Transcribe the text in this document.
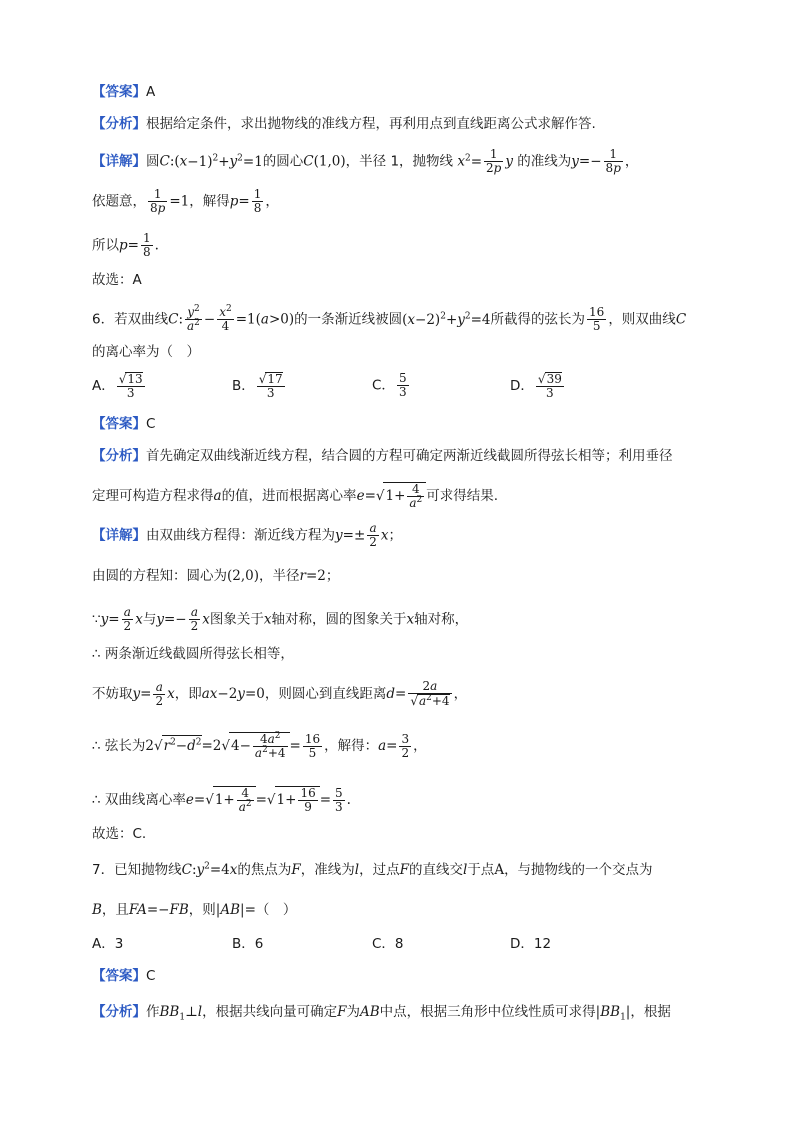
【答案】A
【分析】根据给定条件，求出抛物线的准线方程，再利用点到直线距离公式求解作答.
【详解】圆$C:(x-1)^2+y^2=1$的圆心C(1,0)，半径 1，抛物线 $x^2= \frac{1}{2p}$ y 的准线为$y=- \frac{1}{8p}$ ，
依题意， $\frac{1}{8p} =1$，解得$p= \frac{1}{8}$ ，
所以$p= \frac{1}{8}$ .
故选：A
6．若双曲线C: $\frac{y^2}{a^2} - \frac{x^2}{4} =1(a>0)$的一条渐近线被圆$(x-2)^2+y^2=4$所截得的弦长为 $\frac{16}{5}$ ，则双曲线C
的离心率为（　）
A． $\frac{√13}{3}$	B． $\frac{√17}{3}$	C． $\frac{5}{3}$	D． $\frac{√39}{3}$
【答案】C
【分析】首先确定双曲线渐近线方程，结合圆的方程可确定两渐近线截圆所得弦长相等；利用垂径
定理可构造方程求得a的值，进而根据离心率$e=√1+ \frac{4}{a^2}$ 可求得结果.
【详解】由双曲线方程得：渐近线方程为$y=\pm \frac{a}{2}$ x；
由圆的方程知：圆心为(2,0)，半径r=2；
∵y= $\frac{a}{2}$ x与$y=- \frac{a}{2}$ x图象关于x轴对称，圆的图象关于x轴对称，
∴ 两条渐近线截圆所得弦长相等，
不妨取$y= \frac{a}{2}$ x，即ax−2y=0，则圆心到直线距离$d= \frac{2a}{√a^2+4}$ ，
∴ 弦长为$2√r^2-d^2=2√4- \frac{4a^2}{a^2+4} = \frac{16}{5}$ ，解得：$a= \frac{3}{2}$ ，
∴ 双曲线离心率$e=√1+ \frac{4}{a^2} =√1+ \frac{16}{9} = \frac{5}{3}$ .
故选：C.
7．已知抛物线$C:y^2=4x$的焦点为F，准线为l，过点F的直线交l于点A，与抛物线的一个交点为
B，且FA=−FB，则|AB|=（　）
A．3	B．6	C．8	D．12
【答案】C
【分析】作$BB_1\perp l$，根据共线向量可确定F为AB中点，根据三角形中位线性质可求得$|BB_1|$，根据
